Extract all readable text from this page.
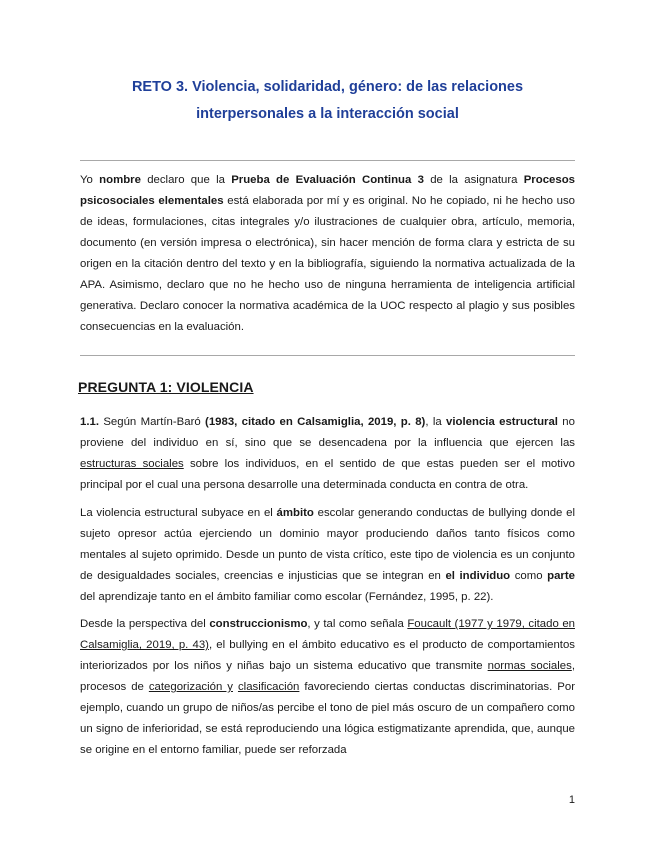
RETO 3. Violencia, solidaridad, género: de las relaciones
interpersonales a la interacción social

Yo nombre declaro que la Prueba de Evaluación Continua 3 de la asignatura Procesos psicosociales elementales está elaborada por mí y es original. No he copiado, ni he hecho uso de ideas, formulaciones, citas integrales y/o ilustraciones de cualquier obra, artículo, memoria, documento (en versión impresa o electrónica), sin hacer mención de forma clara y estricta de su origen en la citación dentro del texto y en la bibliografía, siguiendo la normativa actualizada de la APA. Asimismo, declaro que no he hecho uso de ninguna herramienta de inteligencia artificial generativa. Declaro conocer la normativa académica de la UOC respecto al plagio y sus posibles consecuencias en la evaluación.

PREGUNTA 1: VIOLENCIA

1.1. Según Martín-Baró (1983, citado en Calsamiglia, 2019, p. 8), la violencia estructural no proviene del individuo en sí, sino que se desencadena por la influencia que ejercen las estructuras sociales sobre los individuos, en el sentido de que estas pueden ser el motivo principal por el cual una persona desarrolle una determinada conducta en contra de otra.

La violencia estructural subyace en el ámbito escolar generando conductas de bullying donde el sujeto opresor actúa ejerciendo un dominio mayor produciendo daños tanto físicos como mentales al sujeto oprimido. Desde un punto de vista crítico, este tipo de violencia es un conjunto de desigualdades sociales, creencias e injusticias que se integran en el individuo como parte del aprendizaje tanto en el ámbito familiar como escolar (Fernández, 1995, p. 22).

Desde la perspectiva del construccionismo, y tal como señala Foucault (1977 y 1979, citado en Calsamiglia, 2019, p. 43), el bullying en el ámbito educativo es el producto de comportamientos interiorizados por los niños y niñas bajo un sistema educativo que transmite normas sociales, procesos de categorización y clasificación favoreciendo ciertas conductas discriminatorias. Por ejemplo, cuando un grupo de niños/as percibe el tono de piel más oscuro de un compañero como un signo de inferioridad, se está reproduciendo una lógica estigmatizante aprendida, que, aunque se origine en el entorno familiar, puede ser reforzada

1
